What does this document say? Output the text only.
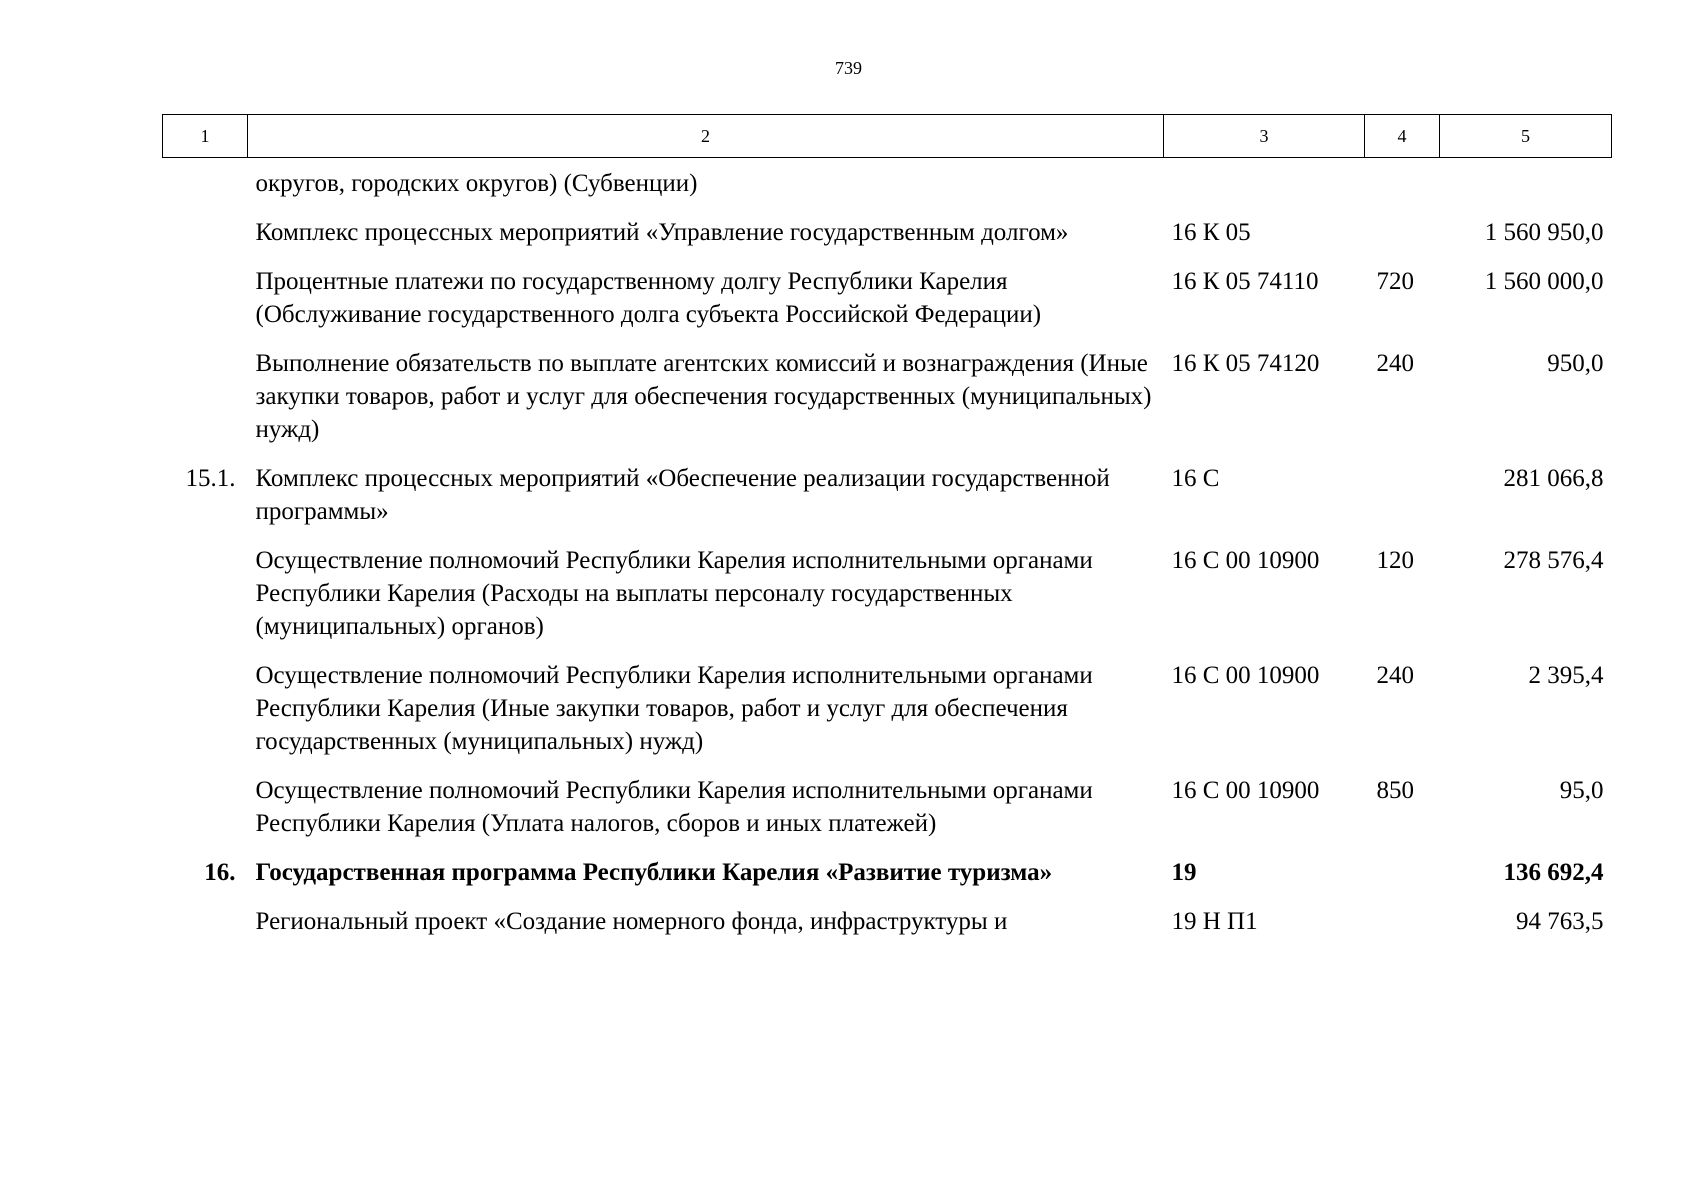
739
1	2	3	4	5
	округов, городских округов) (Субвенции)			
	Комплекс процессных мероприятий «Управление государственным долгом»	16 К 05		1 560 950,0
	Процентные платежи по государственному долгу Республики Карелия (Обслуживание государственного долга субъекта Российской Федерации)	16 К 05 74110	720	1 560 000,0
	Выполнение обязательств по выплате агентских комиссий и вознаграждения (Иные закупки товаров, работ и услуг для обеспечения государственных (муниципальных) нужд)	16 К 05 74120	240	950,0
15.1.	Комплекс процессных мероприятий «Обеспечение реализации государственной программы»	16 С		281 066,8
	Осуществление полномочий Республики Карелия исполнительными органами Республики Карелия (Расходы на выплаты персоналу государственных (муниципальных) органов)	16 С 00 10900	120	278 576,4
	Осуществление полномочий Республики Карелия исполнительными органами Республики Карелия (Иные закупки товаров, работ и услуг для обеспечения государственных (муниципальных) нужд)	16 С 00 10900	240	2 395,4
	Осуществление полномочий Республики Карелия исполнительными органами Республики Карелия (Уплата налогов, сборов и иных платежей)	16 С 00 10900	850	95,0
16.	Государственная программа Республики Карелия «Развитие туризма»	19		136 692,4
	Региональный проект «Создание номерного фонда, инфраструктуры и	19 Н П1		94 763,5
